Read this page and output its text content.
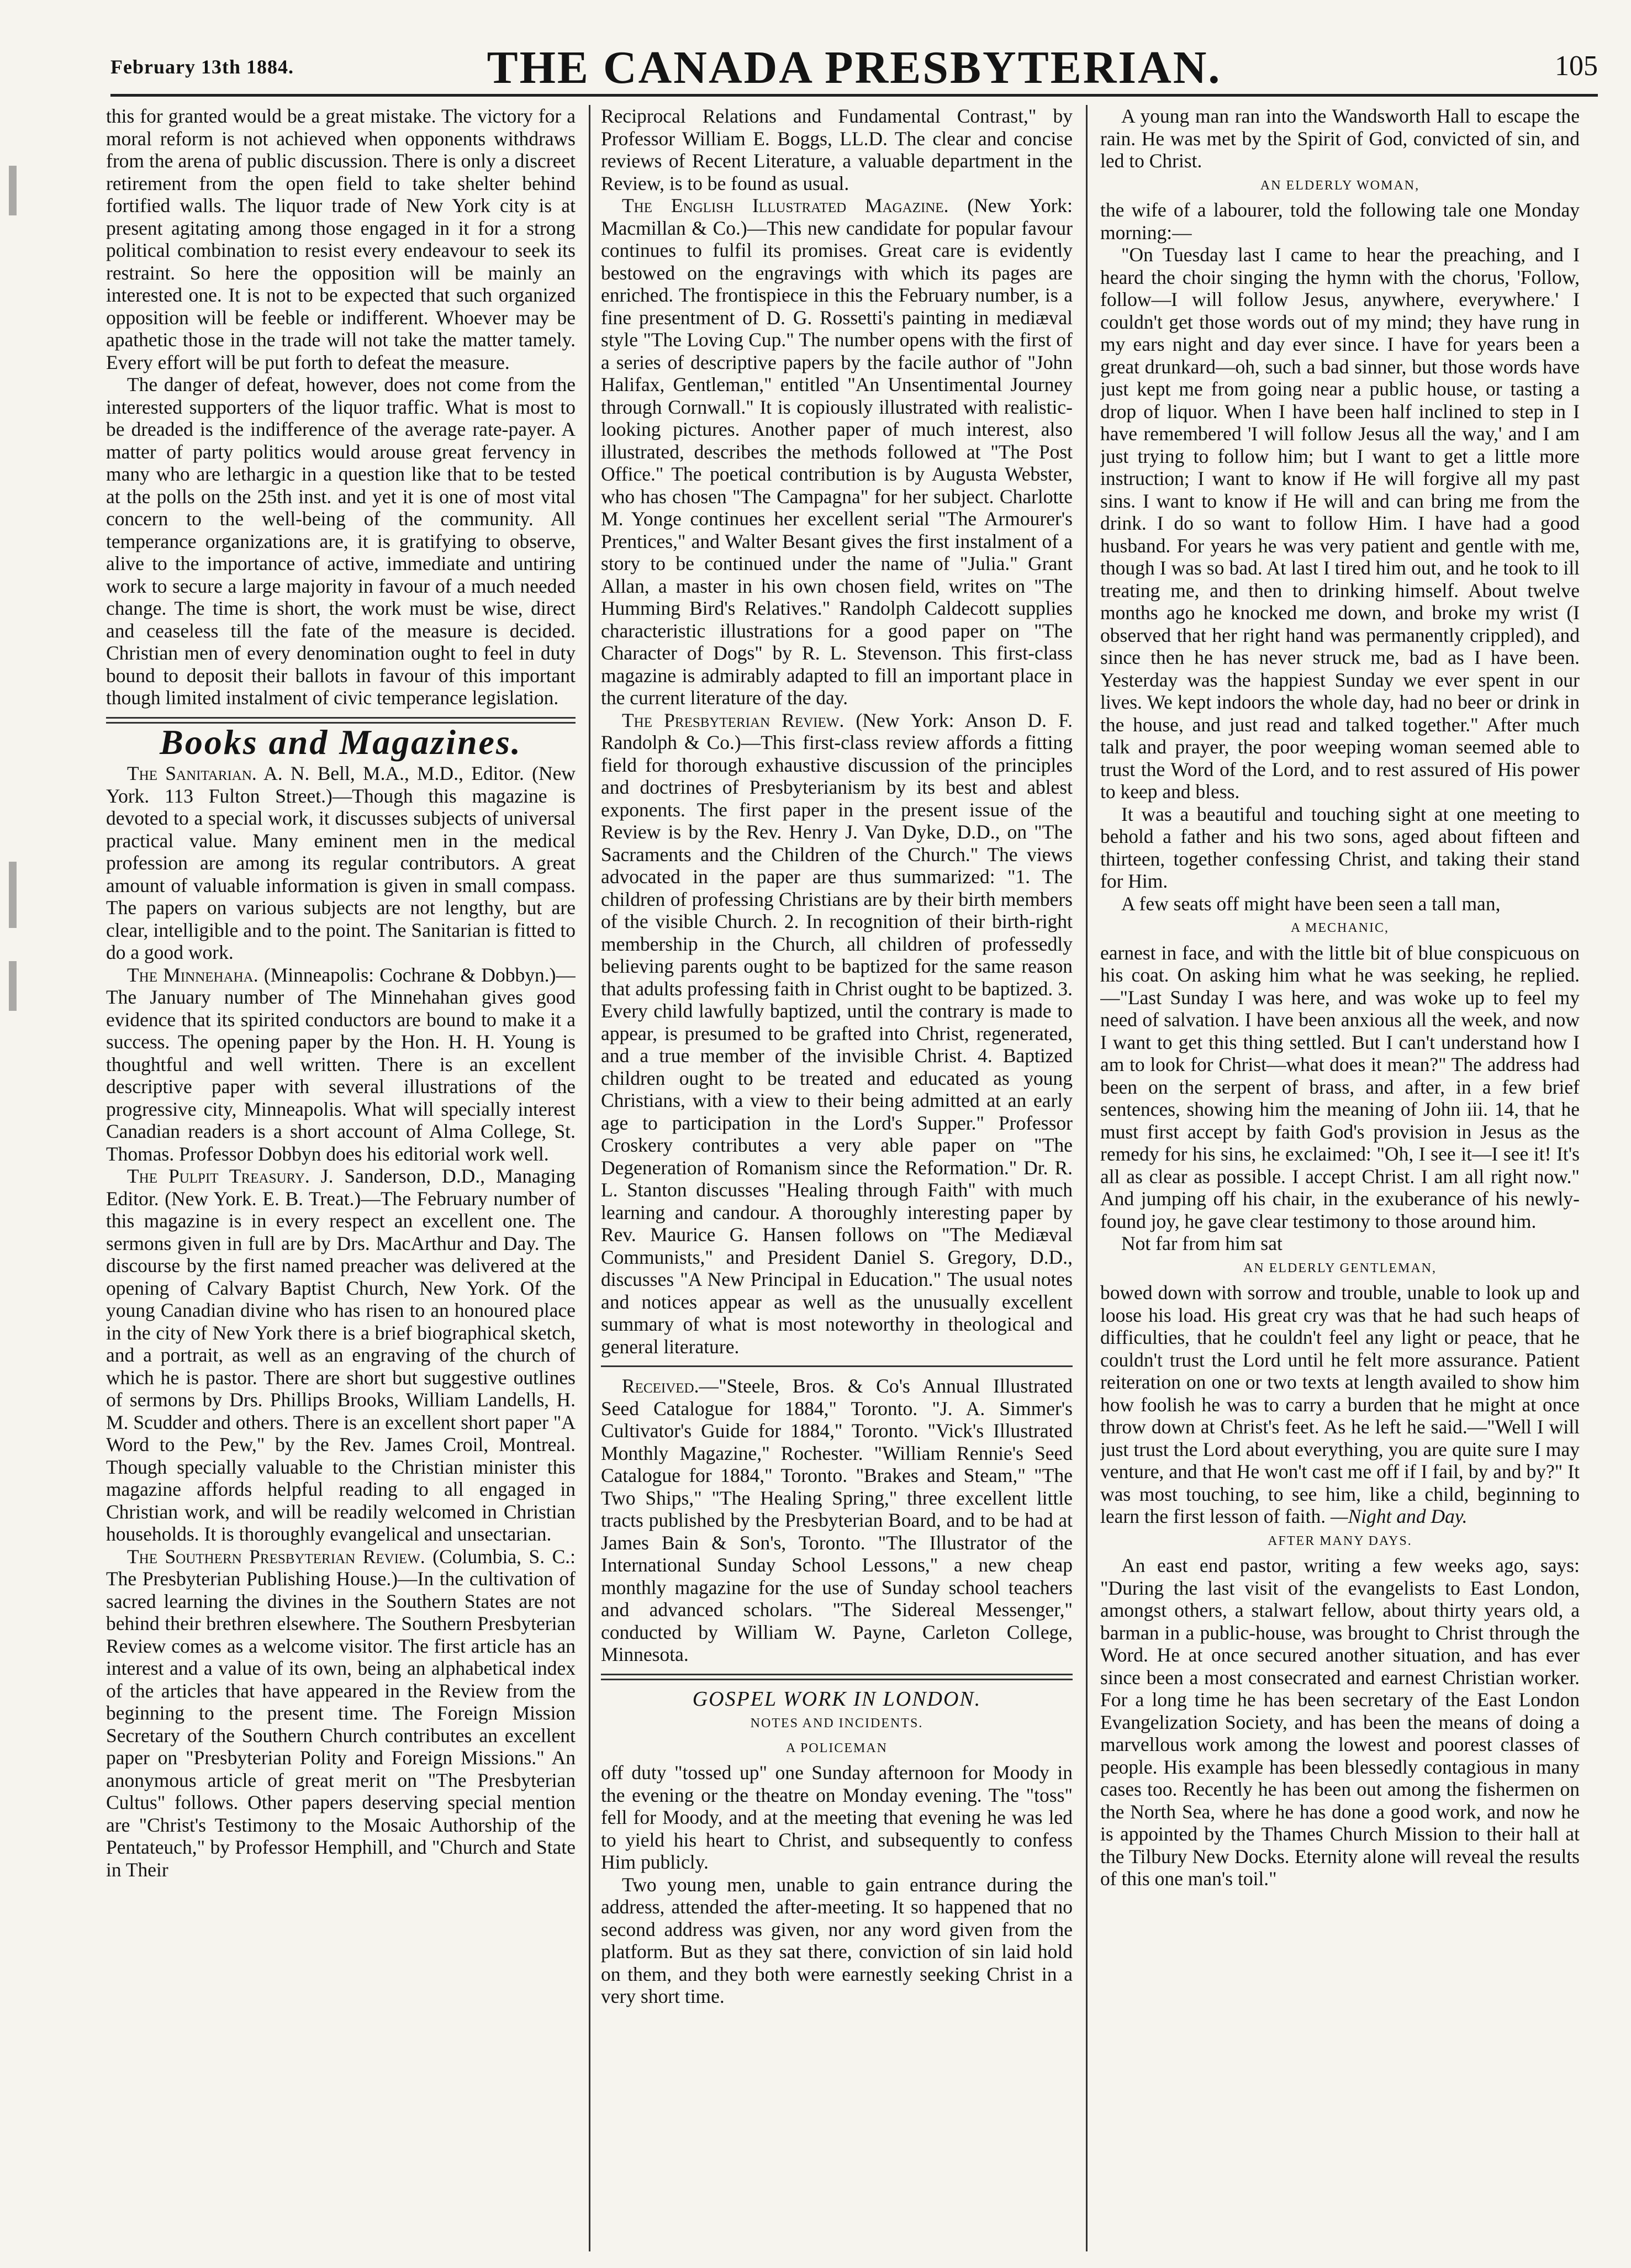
February 13th 1884.	THE CANADA PRESBYTERIAN.	105

this for granted would be a great mistake. The victory for a moral reform is not achieved when opponents withdraws from the arena of public discussion. There is only a discreet retirement from the open field to take shelter behind fortified walls. The liquor trade of New York city is at present agitating among those engaged in it for a strong political combination to resist every endeavour to seek its restraint. So here the opposition will be mainly an interested one. It is not to be expected that such organized opposition will be feeble or indifferent. Whoever may be apathetic those in the trade will not take the matter tamely. Every effort will be put forth to defeat the measure.

The danger of defeat, however, does not come from the interested supporters of the liquor traffic. What is most to be dreaded is the indifference of the average rate-payer. A matter of party politics would arouse great fervency in many who are lethargic in a question like that to be tested at the polls on the 25th inst. and yet it is one of most vital concern to the well-being of the community. All temperance organizations are, it is gratifying to observe, alive to the importance of active, immediate and untiring work to secure a large majority in favour of a much needed change. The time is short, the work must be wise, direct and ceaseless till the fate of the measure is decided. Christian men of every denomination ought to feel in duty bound to deposit their ballots in favour of this important though limited instalment of civic temperance legislation.

Books and Magazines.

The Sanitarian. A. N. Bell, M.A., M.D., Editor. (New York. 113 Fulton Street.)—Though this magazine is devoted to a special work, it discusses subjects of universal practical value. Many eminent men in the medical profession are among its regular contributors. A great amount of valuable information is given in small compass. The papers on various subjects are not lengthy, but are clear, intelligible and to the point. The Sanitarian is fitted to do a good work.

The Minnehaha. (Minneapolis: Cochrane & Dobbyn.)—The January number of The Minnehahan gives good evidence that its spirited conductors are bound to make it a success. The opening paper by the Hon. H. H. Young is thoughtful and well written. There is an excellent descriptive paper with several illustrations of the progressive city, Minneapolis. What will specially interest Canadian readers is a short account of Alma College, St. Thomas. Professor Dobbyn does his editorial work well.

The Pulpit Treasury. J. Sanderson, D.D., Managing Editor. (New York. E. B. Treat.)—The February number of this magazine is in every respect an excellent one. The sermons given in full are by Drs. MacArthur and Day. The discourse by the first named preacher was delivered at the opening of Calvary Baptist Church, New York. Of the young Canadian divine who has risen to an honoured place in the city of New York there is a brief biographical sketch, and a portrait, as well as an engraving of the church of which he is pastor. There are short but suggestive outlines of sermons by Drs. Phillips Brooks, William Landells, H. M. Scudder and others. There is an excellent short paper "A Word to the Pew," by the Rev. James Croil, Montreal. Though specially valuable to the Christian minister this magazine affords helpful reading to all engaged in Christian work, and will be readily welcomed in Christian households. It is thoroughly evangelical and unsectarian.

The Southern Presbyterian Review. (Columbia, S. C.: The Presbyterian Publishing House.)—In the cultivation of sacred learning the divines in the Southern States are not behind their brethren elsewhere. The Southern Presbyterian Review comes as a welcome visitor. The first article has an interest and a value of its own, being an alphabetical index of the articles that have appeared in the Review from the beginning to the present time. The Foreign Mission Secretary of the Southern Church contributes an excellent paper on "Presbyterian Polity and Foreign Missions." An anonymous article of great merit on "The Presbyterian Cultus" follows. Other papers deserving special mention are "Christ's Testimony to the Mosaic Authorship of the Pentateuch," by Professor Hemphill, and "Church and State in Their

Reciprocal Relations and Fundamental Contrast," by Professor William E. Boggs, LL.D. The clear and concise reviews of Recent Literature, a valuable department in the Review, is to be found as usual.

The English Illustrated Magazine. (New York: Macmillan & Co.)—This new candidate for popular favour continues to fulfil its promises. Great care is evidently bestowed on the engravings with which its pages are enriched. The frontispiece in this the February number, is a fine presentment of D. G. Rossetti's painting in mediæval style "The Loving Cup." The number opens with the first of a series of descriptive papers by the facile author of "John Halifax, Gentleman," entitled "An Unsentimental Journey through Cornwall." It is copiously illustrated with realistic-looking pictures. Another paper of much interest, also illustrated, describes the methods followed at "The Post Office." The poetical contribution is by Augusta Webster, who has chosen "The Campagna" for her subject. Charlotte M. Yonge continues her excellent serial "The Armourer's Prentices," and Walter Besant gives the first instalment of a story to be continued under the name of "Julia." Grant Allan, a master in his own chosen field, writes on "The Humming Bird's Relatives." Randolph Caldecott supplies characteristic illustrations for a good paper on "The Character of Dogs" by R. L. Stevenson. This first-class magazine is admirably adapted to fill an important place in the current literature of the day.

The Presbyterian Review. (New York: Anson D. F. Randolph & Co.)—This first-class review affords a fitting field for thorough exhaustive discussion of the principles and doctrines of Presbyterianism by its best and ablest exponents. The first paper in the present issue of the Review is by the Rev. Henry J. Van Dyke, D.D., on "The Sacraments and the Children of the Church." The views advocated in the paper are thus summarized: "1. The children of professing Christians are by their birth members of the visible Church. 2. In recognition of their birth-right membership in the Church, all children of professedly believing parents ought to be baptized for the same reason that adults professing faith in Christ ought to be baptized. 3. Every child lawfully baptized, until the contrary is made to appear, is presumed to be grafted into Christ, regenerated, and a true member of the invisible Christ. 4. Baptized children ought to be treated and educated as young Christians, with a view to their being admitted at an early age to participation in the Lord's Supper." Professor Croskery contributes a very able paper on "The Degeneration of Romanism since the Reformation." Dr. R. L. Stanton discusses "Healing through Faith" with much learning and candour. A thoroughly interesting paper by Rev. Maurice G. Hansen follows on "The Mediæval Communists," and President Daniel S. Gregory, D.D., discusses "A New Principal in Education." The usual notes and notices appear as well as the unusually excellent summary of what is most noteworthy in theological and general literature.

Received.—"Steele, Bros. & Co's Annual Illustrated Seed Catalogue for 1884," Toronto. "J. A. Simmer's Cultivator's Guide for 1884," Toronto. "Vick's Illustrated Monthly Magazine," Rochester. "William Rennie's Seed Catalogue for 1884," Toronto. "Brakes and Steam," "The Two Ships," "The Healing Spring," three excellent little tracts published by the Presbyterian Board, and to be had at James Bain & Son's, Toronto. "The Illustrator of the International Sunday School Lessons," a new cheap monthly magazine for the use of Sunday school teachers and advanced scholars. "The Sidereal Messenger," conducted by William W. Payne, Carleton College, Minnesota.

GOSPEL WORK IN LONDON.

NOTES AND INCIDENTS.

A POLICEMAN

off duty "tossed up" one Sunday afternoon for Moody in the evening or the theatre on Monday evening. The "toss" fell for Moody, and at the meeting that evening he was led to yield his heart to Christ, and subsequently to confess Him publicly.

Two young men, unable to gain entrance during the address, attended the after-meeting. It so happened that no second address was given, nor any word given from the platform. But as they sat there, conviction of sin laid hold on them, and they both were earnestly seeking Christ in a very short time.

A young man ran into the Wandsworth Hall to escape the rain. He was met by the Spirit of God, convicted of sin, and led to Christ.

AN ELDERLY WOMAN,

the wife of a labourer, told the following tale one Monday morning:—

"On Tuesday last I came to hear the preaching, and I heard the choir singing the hymn with the chorus, 'Follow, follow—I will follow Jesus, anywhere, everywhere.' I couldn't get those words out of my mind; they have rung in my ears night and day ever since. I have for years been a great drunkard—oh, such a bad sinner, but those words have just kept me from going near a public house, or tasting a drop of liquor. When I have been half inclined to step in I have remembered 'I will follow Jesus all the way,' and I am just trying to follow him; but I want to get a little more instruction; I want to know if He will forgive all my past sins. I want to know if He will and can bring me from the drink. I do so want to follow Him. I have had a good husband. For years he was very patient and gentle with me, though I was so bad. At last I tired him out, and he took to ill treating me, and then to drinking himself. About twelve months ago he knocked me down, and broke my wrist (I observed that her right hand was permanently crippled), and since then he has never struck me, bad as I have been. Yesterday was the happiest Sunday we ever spent in our lives. We kept indoors the whole day, had no beer or drink in the house, and just read and talked together." After much talk and prayer, the poor weeping woman seemed able to trust the Word of the Lord, and to rest assured of His power to keep and bless.

It was a beautiful and touching sight at one meeting to behold a father and his two sons, aged about fifteen and thirteen, together confessing Christ, and taking their stand for Him.

A few seats off might have been seen a tall man,

A MECHANIC,

earnest in face, and with the little bit of blue conspicuous on his coat. On asking him what he was seeking, he replied.—"Last Sunday I was here, and was woke up to feel my need of salvation. I have been anxious all the week, and now I want to get this thing settled. But I can't understand how I am to look for Christ—what does it mean?" The address had been on the serpent of brass, and after, in a few brief sentences, showing him the meaning of John iii. 14, that he must first accept by faith God's provision in Jesus as the remedy for his sins, he exclaimed: "Oh, I see it—I see it! It's all as clear as possible. I accept Christ. I am all right now." And jumping off his chair, in the exuberance of his newly-found joy, he gave clear testimony to those around him.

Not far from him sat

AN ELDERLY GENTLEMAN,

bowed down with sorrow and trouble, unable to look up and loose his load. His great cry was that he had such heaps of difficulties, that he couldn't feel any light or peace, that he couldn't trust the Lord until he felt more assurance. Patient reiteration on one or two texts at length availed to show him how foolish he was to carry a burden that he might at once throw down at Christ's feet. As he left he said.—"Well I will just trust the Lord about everything, you are quite sure I may venture, and that He won't cast me off if I fail, by and by?" It was most touching, to see him, like a child, beginning to learn the first lesson of faith. —Night and Day.

AFTER MANY DAYS.

An east end pastor, writing a few weeks ago, says: "During the last visit of the evangelists to East London, amongst others, a stalwart fellow, about thirty years old, a barman in a public-house, was brought to Christ through the Word. He at once secured another situation, and has ever since been a most consecrated and earnest Christian worker. For a long time he has been secretary of the East London Evangelization Society, and has been the means of doing a marvellous work among the lowest and poorest classes of people. His example has been blessedly contagious in many cases too. Recently he has been out among the fishermen on the North Sea, where he has done a good work, and now he is appointed by the Thames Church Mission to their hall at the Tilbury New Docks. Eternity alone will reveal the results of this one man's toil."
